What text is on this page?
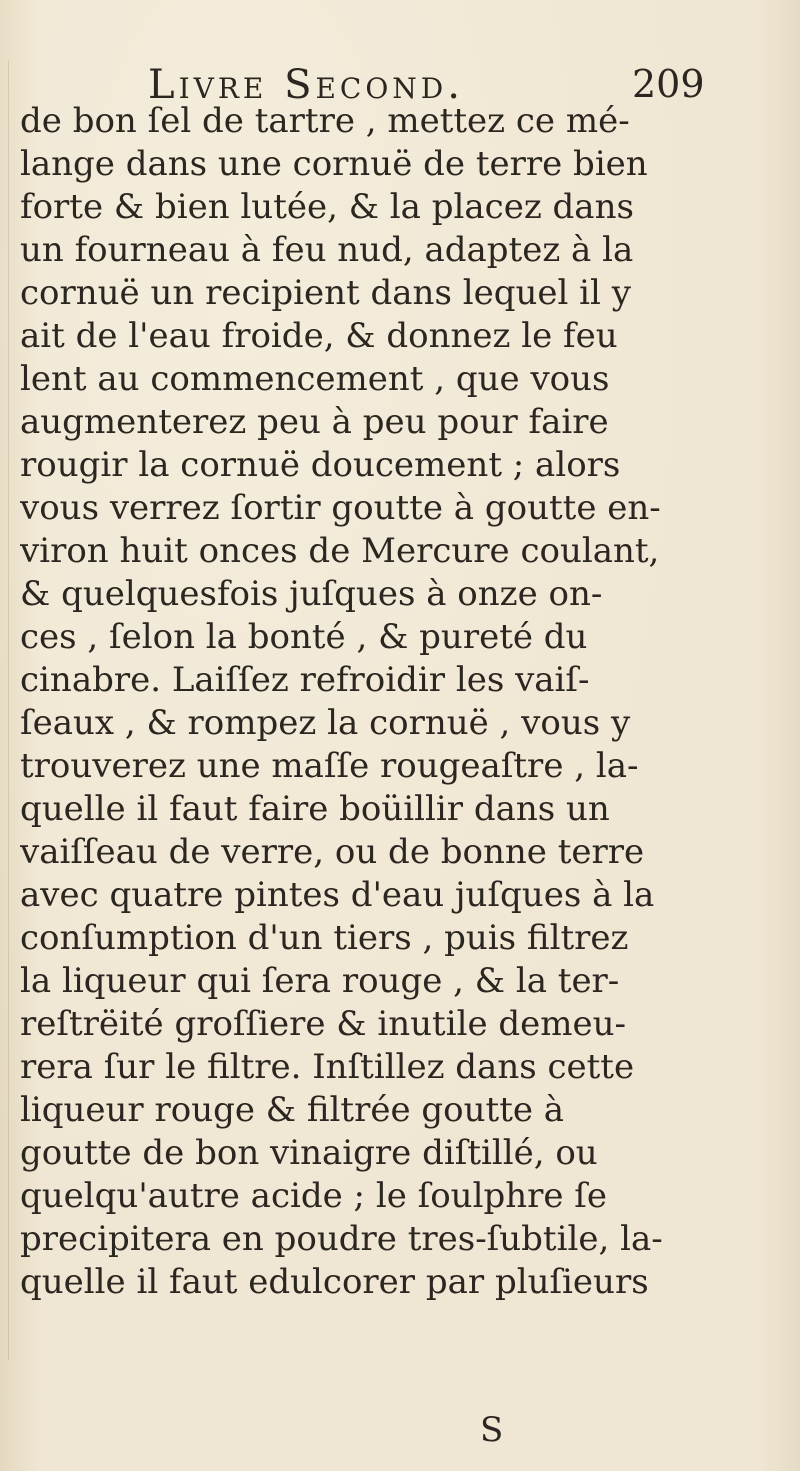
Livre Second.	209
de bon ſel de tartre , mettez ce mé-
lange dans une cornuë de terre bien
forte & bien lutée, & la placez dans
un fourneau à feu nud, adaptez à la
cornuë un recipient dans lequel il y
ait de l'eau froide, & donnez le feu
lent au commencement , que vous
augmenterez peu à peu pour faire
rougir la cornuë doucement ; alors
vous verrez ſortir goutte à goutte en-
viron huit onces de Mercure coulant,
& quelquesfois juſques à onze on-
ces , ſelon la bonté , & pureté du
cinabre. Laiſſez refroidir les vaiſ-
ſeaux , & rompez la cornuë , vous y
trouverez une maſſe rougeaſtre , la-
quelle il faut faire boüillir dans un
vaiſſeau de verre, ou de bonne terre
avec quatre pintes d'eau juſques à la
conſumption d'un tiers , puis filtrez
la liqueur qui ſera rouge , & la ter-
reſtrëité groſſiere & inutile demeu-
rera ſur le filtre. Inſtillez dans cette
liqueur rouge & filtrée goutte à
goutte de bon vinaigre diſtillé, ou
quelqu'autre acide ; le ſoulphre ſe
precipitera en poudre tres-ſubtile, la-
quelle il faut edulcorer par pluſieurs
S
